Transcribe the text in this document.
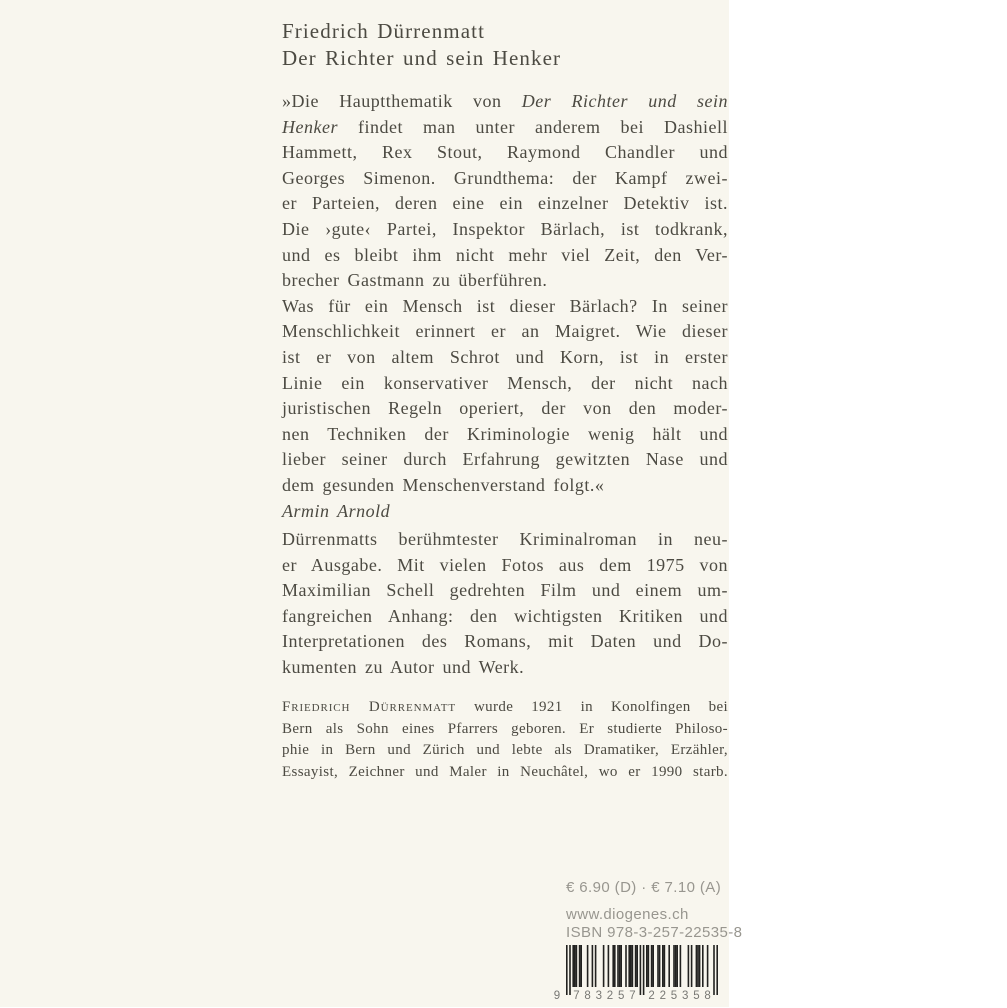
Friedrich Dürrenmatt
Der Richter und sein Henker
»Die Hauptthematik von Der Richter und sein
Henker findet man unter anderem bei Dashiell
Hammett, Rex Stout, Raymond Chandler und
Georges Simenon. Grundthema: der Kampf zwei-
er Parteien, deren eine ein einzelner Detektiv ist.
Die ›gute‹ Partei, Inspektor Bärlach, ist todkrank,
und es bleibt ihm nicht mehr viel Zeit, den Ver-
brecher Gastmann zu überführen.
Was für ein Mensch ist dieser Bärlach? In seiner
Menschlichkeit erinnert er an Maigret. Wie dieser
ist er von altem Schrot und Korn, ist in erster
Linie ein konservativer Mensch, der nicht nach
juristischen Regeln operiert, der von den moder-
nen Techniken der Kriminologie wenig hält und
lieber seiner durch Erfahrung gewitzten Nase und
dem gesunden Menschenverstand folgt.«
Armin Arnold
Dürrenmatts berühmtester Kriminalroman in neu-
er Ausgabe. Mit vielen Fotos aus dem 1975 von
Maximilian Schell gedrehten Film und einem um-
fangreichen Anhang: den wichtigsten Kritiken und
Interpretationen des Romans, mit Daten und Do-
kumenten zu Autor und Werk.
Friedrich Dürrenmatt wurde 1921 in Konolfingen bei
Bern als Sohn eines Pfarrers geboren. Er studierte Philoso-
phie in Bern und Zürich und lebte als Dramatiker, Erzähler,
Essayist, Zeichner und Maler in Neuchâtel, wo er 1990 starb.
€ 6.90 (D) · € 7.10 (A)
www.diogenes.ch
ISBN 978-3-257-22535-8
9 7 8 3 2 5 7 2 2 5 3 5 8
